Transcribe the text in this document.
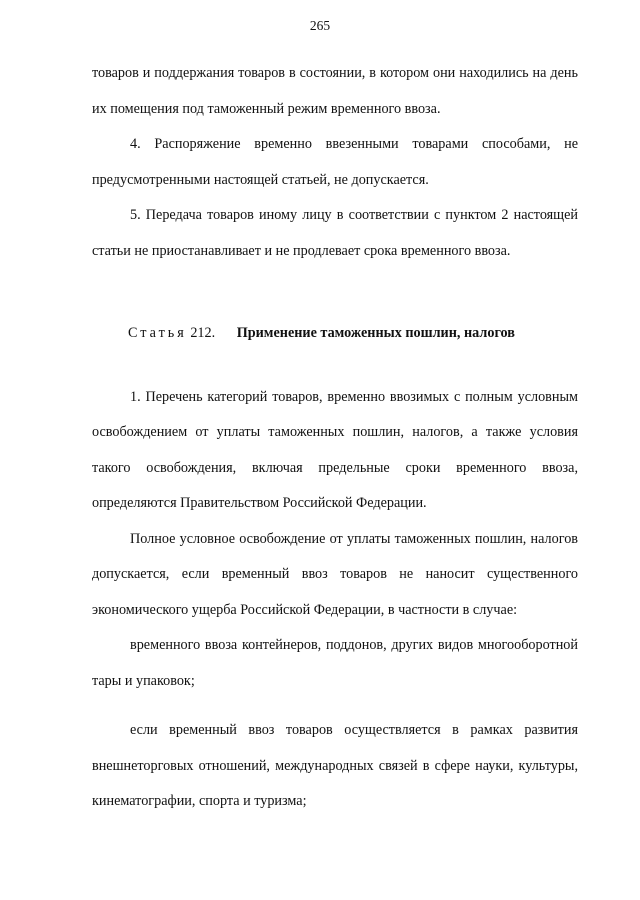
265

товаров и поддержания товаров в состоянии, в котором они находились на день их помещения под таможенный режим временного ввоза.

4. Распоряжение временно ввезенными товарами способами, не предусмотренными настоящей статьей, не допускается.

5. Передача товаров иному лицу в соответствии с пунктом 2 настоящей статьи не приостанавливает и не продлевает срока временного ввоза.

Статья 212. Применение таможенных пошлин, налогов

1. Перечень категорий товаров, временно ввозимых с полным условным освобождением от уплаты таможенных пошлин, налогов, а также условия такого освобождения, включая предельные сроки временного ввоза, определяются Правительством Российской Федерации.

Полное условное освобождение от уплаты таможенных пошлин, налогов допускается, если временный ввоз товаров не наносит существенного экономического ущерба Российской Федерации, в частности в случае:

временного ввоза контейнеров, поддонов, других видов многооборотной тары и упаковок;

если временный ввоз товаров осуществляется в рамках развития внешнеторговых отношений, международных связей в сфере науки, культуры, кинематографии, спорта и туризма;
